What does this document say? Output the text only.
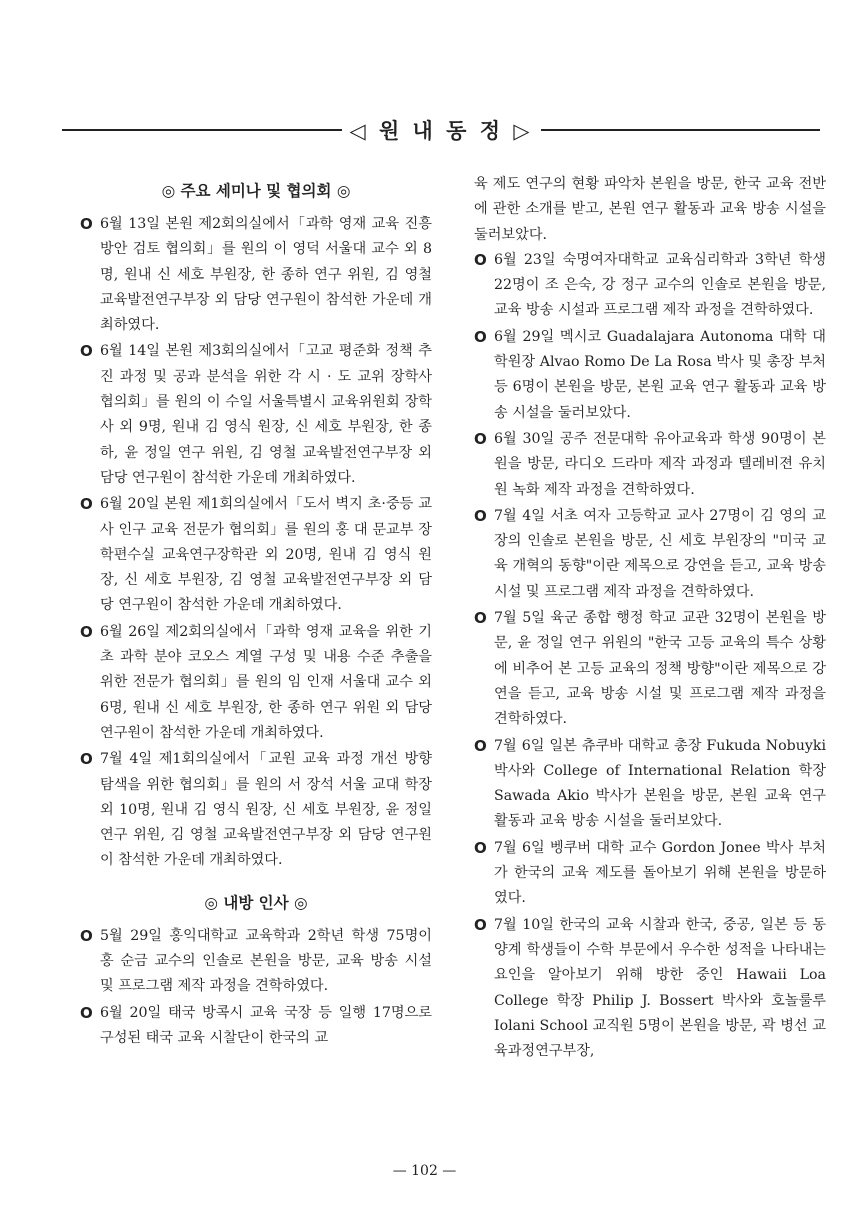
◁ 원 내 동 정 ▷
◎ 주요 세미나 및 협의회 ◎
O 6월 13일 본원 제2회의실에서「과학 영재 교육 진흥 방안 검토 협의회」를 원의 이 영덕 서울대 교수 외 8명, 원내 신 세호 부원장, 한 종하 연구 위원, 김 영철 교육발전연구부장 외 담당 연구원이 참석한 가운데 개최하였다.
O 6월 14일 본원 제3회의실에서「고교 평준화 정책 추진 과정 및 공과 분석을 위한 각 시 · 도 교위 장학사 협의회」를 원의 이 수일 서울특별시 교육위원회 장학사 외 9명, 원내 김 영식 원장, 신 세호 부원장, 한 종하, 윤 정일 연구 위원, 김 영철 교육발전연구부장 외 담당 연구원이 참석한 가운데 개최하였다.
O 6월 20일 본원 제1회의실에서「도서 벽지 초·중등 교사 인구 교육 전문가 협의회」를 원의 홍 대 문교부 장학편수실 교육연구장학관 외 20명, 원내 김 영식 원장, 신 세호 부원장, 김 영철 교육발전연구부장 외 담당 연구원이 참석한 가운데 개최하였다.
O 6월 26일 제2회의실에서「과학 영재 교육을 위한 기초 과학 분야 코오스 계열 구성 및 내용 수준 추출을 위한 전문가 협의회」를 원의 임 인재 서울대 교수 외 6명, 원내 신 세호 부원장, 한 종하 연구 위원 외 담당 연구원이 참석한 가운데 개최하였다.
O 7월 4일 제1회의실에서「교원 교육 과정 개선 방향 탐색을 위한 협의회」를 원의 서 장석 서울 교대 학장 외 10명, 원내 김 영식 원장, 신 세호 부원장, 윤 정일 연구 위원, 김 영철 교육발전연구부장 외 담당 연구원이 참석한 가운데 개최하였다.
◎ 내방 인사 ◎
O 5월 29일 홍익대학교 교육학과 2학년 학생 75명이 홍 순금 교수의 인솔로 본원을 방문, 교육 방송 시설 및 프로그램 제작 과정을 견학하였다.
O 6월 20일 태국 방콕시 교육 국장 등 일행 17명으로 구성된 태국 교육 시찰단이 한국의 교
육 제도 연구의 현황 파악차 본원을 방문, 한국 교육 전반에 관한 소개를 받고, 본원 연구 활동과 교육 방송 시설을 둘러보았다.
O 6월 23일 숙명여자대학교 교육심리학과 3학년 학생 22명이 조 은숙, 강 정구 교수의 인솔로 본원을 방문, 교육 방송 시설과 프로그램 제작 과정을 견학하였다.
O 6월 29일 멕시코 Guadalajara Autonoma 대학 대학원장 Alvao Romo De La Rosa 박사 및 총장 부처 등 6명이 본원을 방문, 본원 교육 연구 활동과 교육 방송 시설을 둘러보았다.
O 6월 30일 공주 전문대학 유아교육과 학생 90명이 본원을 방문, 라디오 드라마 제작 과정과 텔레비젼 유치원 녹화 제작 과정을 견학하였다.
O 7월 4일 서초 여자 고등학교 교사 27명이 김 영의 교장의 인솔로 본원을 방문, 신 세호 부원장의 "미국 교육 개혁의 동향"이란 제목으로 강연을 듣고, 교육 방송 시설 및 프로그램 제작 과정을 견학하였다.
O 7월 5일 육군 종합 행정 학교 교관 32명이 본원을 방문, 윤 정일 연구 위원의 "한국 고등 교육의 특수 상황에 비추어 본 고등 교육의 정책 방향"이란 제목으로 강연을 듣고, 교육 방송 시설 및 프로그램 제작 과정을 견학하였다.
O 7월 6일 일본 츄쿠바 대학교 총장 Fukuda Nobuyki 박사와 College of International Relation 학장 Sawada Akio 박사가 본원을 방문, 본원 교육 연구 활동과 교육 방송 시설을 둘러보았다.
O 7월 6일 벵쿠버 대학 교수 Gordon Jonee 박사 부처가 한국의 교육 제도를 돌아보기 위해 본원을 방문하였다.
O 7월 10일 한국의 교육 시찰과 한국, 중공, 일본 등 동양계 학생들이 수학 부문에서 우수한 성적을 나타내는 요인을 알아보기 위해 방한 중인 Hawaii Loa College 학장 Philip J. Bossert 박사와 호놀룰루 Iolani School 교직원 5명이 본원을 방문, 곽 병선 교육과정연구부장,
— 102 —
